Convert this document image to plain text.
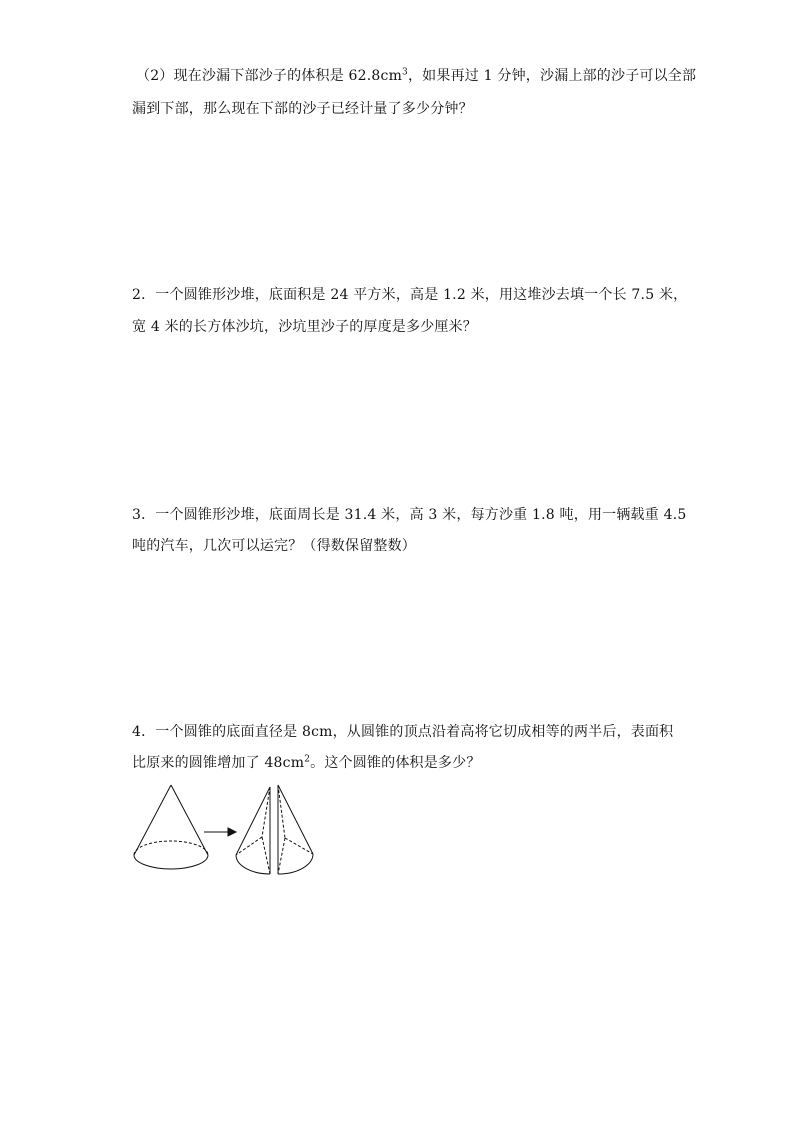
（2）现在沙漏下部沙子的体积是 $62.8cm^3$，如果再过 1 分钟，沙漏上部的沙子可以全部
漏到下部，那么现在下部的沙子已经计量了多少分钟？
2．一个圆锥形沙堆，底面积是 24 平方米，高是 1.2 米，用这堆沙去填一个长 7.5 米，
宽 4 米的长方体沙坑，沙坑里沙子的厚度是多少厘米？
3．一个圆锥形沙堆，底面周长是 31.4 米，高 3 米，每方沙重 1.8 吨，用一辆载重 4.5
吨的汽车，几次可以运完？（得数保留整数）
4．一个圆锥的底面直径是 8cm，从圆锥的顶点沿着高将它切成相等的两半后，表面积
比原来的圆锥增加了 $48cm^2$。这个圆锥的体积是多少？
